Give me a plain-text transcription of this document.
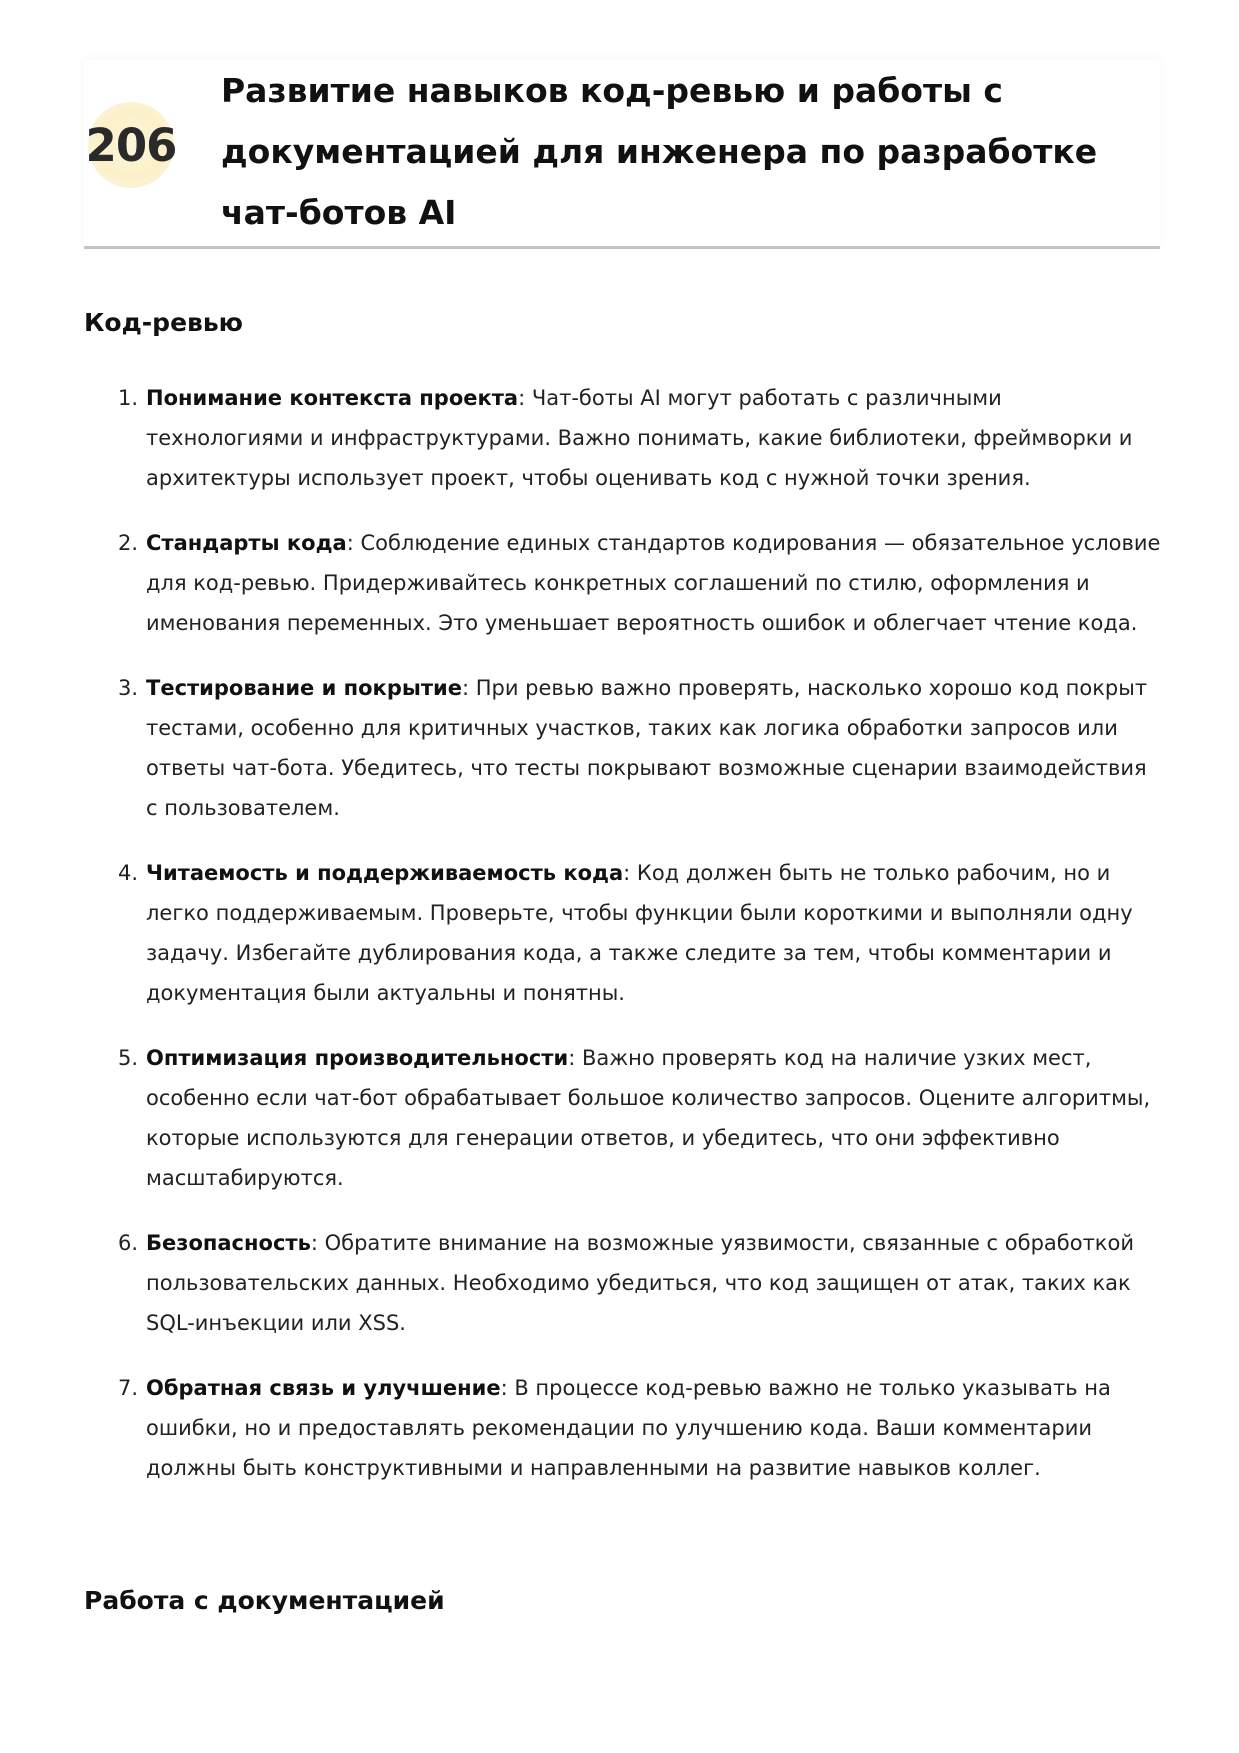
206
Развитие навыков код-ревью и работы с документацией для инженера по разработке чат-ботов AI
Код-ревью
1. Понимание контекста проекта: Чат-боты AI могут работать с различными технологиями и инфраструктурами. Важно понимать, какие библиотеки, фреймворки и архитектуры использует проект, чтобы оценивать код с нужной точки зрения.
2. Стандарты кода: Соблюдение единых стандартов кодирования — обязательное условие для код-ревью. Придерживайтесь конкретных соглашений по стилю, оформления и именования переменных. Это уменьшает вероятность ошибок и облегчает чтение кода.
3. Тестирование и покрытие: При ревью важно проверять, насколько хорошо код покрыт тестами, особенно для критичных участков, таких как логика обработки запросов или ответы чат-бота. Убедитесь, что тесты покрывают возможные сценарии взаимодействия с пользователем.
4. Читаемость и поддерживаемость кода: Код должен быть не только рабочим, но и легко поддерживаемым. Проверьте, чтобы функции были короткими и выполняли одну задачу. Избегайте дублирования кода, а также следите за тем, чтобы комментарии и документация были актуальны и понятны.
5. Оптимизация производительности: Важно проверять код на наличие узких мест, особенно если чат-бот обрабатывает большое количество запросов. Оцените алгоритмы, которые используются для генерации ответов, и убедитесь, что они эффективно масштабируются.
6. Безопасность: Обратите внимание на возможные уязвимости, связанные с обработкой пользовательских данных. Необходимо убедиться, что код защищен от атак, таких как SQL-инъекции или XSS.
7. Обратная связь и улучшение: В процессе код-ревью важно не только указывать на ошибки, но и предоставлять рекомендации по улучшению кода. Ваши комментарии должны быть конструктивными и направленными на развитие навыков коллег.
Работа с документацией
